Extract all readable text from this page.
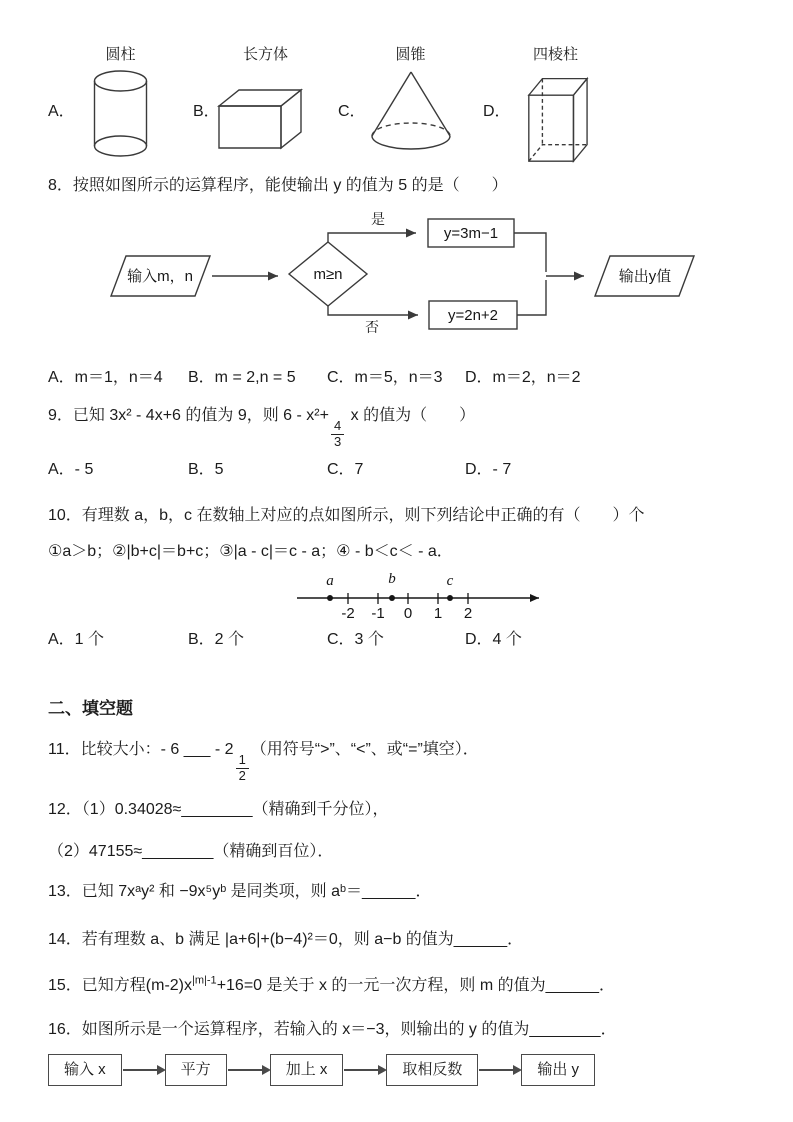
A．
圆柱
B．
长方体
C．
圆锥
D．
四棱柱
8．按照如图所示的运算程序，能使输出 y 的值为 5 的是（　　）
输入m，n	m≥n
是
y=3m−1
否
y=2n+2
输出y值
A．m＝1，n＝4	B．m = 2,n = 5	C．m＝5，n＝3	D．m＝2，n＝2
9．已知 3x² - 4x+6 的值为 9，则 6 - x²+
$\frac{4}{3}$
x 的值为（　　）
A．- 5	B．5	C．7	D．- 7
10．有理数 a，b，c 在数轴上对应的点如图所示，则下列结论中正确的有（　　）个
①a＞b；②|b+c|＝b+c；③|a - c|＝c - a；④ - b＜c＜ - a．
-2 -1 0 1 2
a	b	c
A．1 个	B．2 个	C．3 个	D．4 个
二、填空题
11．比较大小：- 6 ___ - 2
$\frac{1}{2}$
（用符号“>”、“<”、或“=”填空）．
12．（1）0.34028≈________（精确到千分位），
（2）47155≈________（精确到百位）．
13．已知 7xᵃy² 和 −9x⁵yᵇ 是同类项，则 aᵇ＝______．
14．若有理数 a、b 满足 |a+6|+(b−4)²＝0，则 a−b 的值为______．
15．已知方程$(m-2)x^{|m|-1}+16=0$ 是关于 x 的一元一次方程，则 m 的值为______．
16．如图所示是一个运算程序，若输入的 x＝−3，则输出的 y 的值为________．
输入 x	平方	加上 x	取相反数	输出 y
